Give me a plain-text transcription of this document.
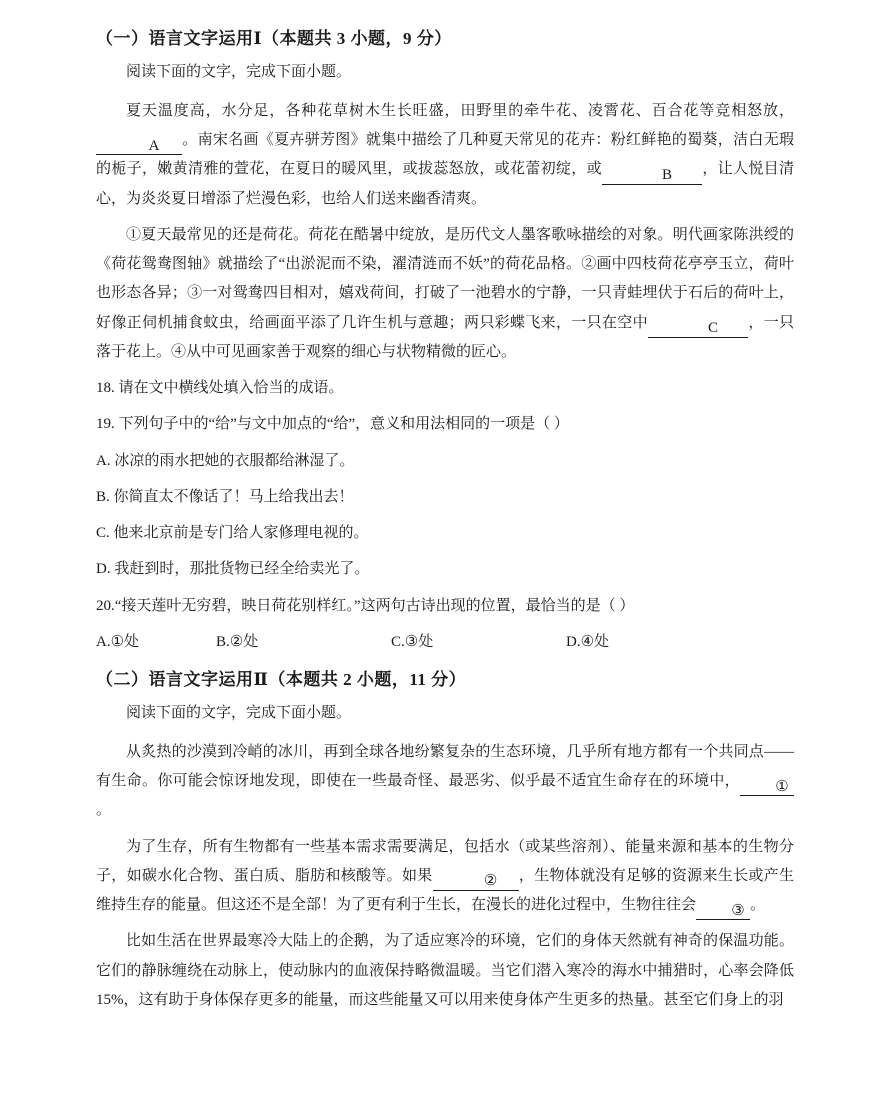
（一）语言文字运用Ⅰ（本题共 3 小题，9 分）

阅读下面的文字，完成下面小题。

夏天温度高，水分足，各种花草树木生长旺盛，田野里的牵牛花、凌霄花、百合花等竞相怒放，A 。南宋名画《夏卉骈芳图》就集中描绘了几种夏天常见的花卉：粉红鲜艳的蜀葵，洁白无瑕的栀子，嫩黄清雅的萱花，在夏日的暖风里，或拔蕊怒放，或花蕾初绽，或	B ，让人悦目清心，为炎炎夏日增添了烂漫色彩，也给人们送来幽香清爽。

①夏天最常见的还是荷花。荷花在酷暑中绽放，是历代文人墨客歌咏描绘的对象。明代画家陈洪绶的《荷花鸳鸯图轴》就描绘了“出淤泥而不染，濯清涟而不妖”的荷花品格。②画中四枝荷花亭亭玉立，荷叶也形态各异；③一对鸳鸯四目相对，嬉戏荷间，打破了一池碧水的宁静，一只青蛙埋伏于石后的荷叶上，好像正伺机捕食蚊虫，给画面平添了几许生机与意趣；两只彩蝶飞来，一只在空中	C ，一只落于花上。④从中可见画家善于观察的细心与状物精微的匠心。

18. 请在文中横线处填入恰当的成语。

19. 下列句子中的“给”与文中加点的“给”，意义和用法相同的一项是（ ）

A. 冰凉的雨水把她的衣服都给淋湿了。

B. 你简直太不像话了！马上给我出去！

C. 他来北京前是专门给人家修理电视的。

D. 我赶到时，那批货物已经全给卖光了。

20.“接天莲叶无穷碧，映日荷花别样红。”这两句古诗出现的位置，最恰当的是（ ）

A.①处	B.②处	C.③处	D.④处
（二）语言文字运用Ⅱ（本题共 2 小题，11 分）

阅读下面的文字，完成下面小题。

从炙热的沙漠到冷峭的冰川，再到全球各地纷繁复杂的生态环境，几乎所有地方都有一个共同点——有生命。你可能会惊讶地发现，即使在一些最奇怪、最恶劣、似乎最不适宜生命存在的环境中， ①。

为了生存，所有生物都有一些基本需求需要满足，包括水（或某些溶剂）、能量来源和基本的生物分子，如碳水化合物、蛋白质、脂肪和核酸等。如果	② ，生物体就没有足够的资源来生长或产生维持生存的能量。但这还不是全部！为了更有利于生长，在漫长的进化过程中，生物往往会 ③ 。

比如生活在世界最寒冷大陆上的企鹅，为了适应寒冷的环境，它们的身体天然就有神奇的保温功能。它们的静脉缠绕在动脉上，使动脉内的血液保持略微温暖。当它们潜入寒冷的海水中捕猎时，心率会降低15%，这有助于身体保存更多的能量，而这些能量又可以用来使身体产生更多的热量。甚至它们身上的羽
